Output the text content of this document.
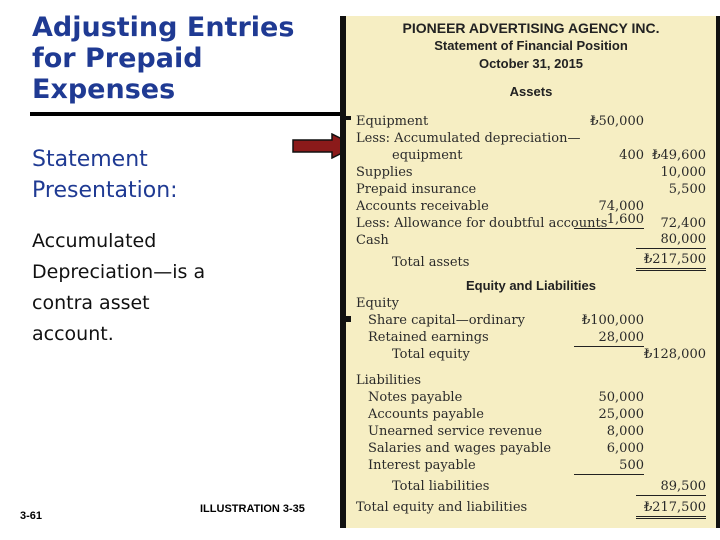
Adjusting Entries for Prepaid Expenses
Statement Presentation:
Accumulated Depreciation—is a contra asset account.
3-61
ILLUSTRATION 3-35
PIONEER ADVERTISING AGENCY INC.
Statement of Financial Position
October 31, 2015
Assets
Equipment	₺50,000
Less: Accumulated depreciation—
equipment	400 ₺49,600
Supplies	10,000
Prepaid insurance	5,500
Accounts receivable	74,000
Less: Allowance for doubtful accounts 1,600	72,400
Cash	80,000
Total assets	₺217,500
Equity and Liabilities
Equity
Share capital—ordinary	₺100,000
Retained earnings	28,000
Total equity	₺128,000
Liabilities
Notes payable	50,000
Accounts payable	25,000
Unearned service revenue	8,000
Salaries and wages payable	6,000
Interest payable	500
Total liabilities	89,500
Total equity and liabilities	₺217,500
